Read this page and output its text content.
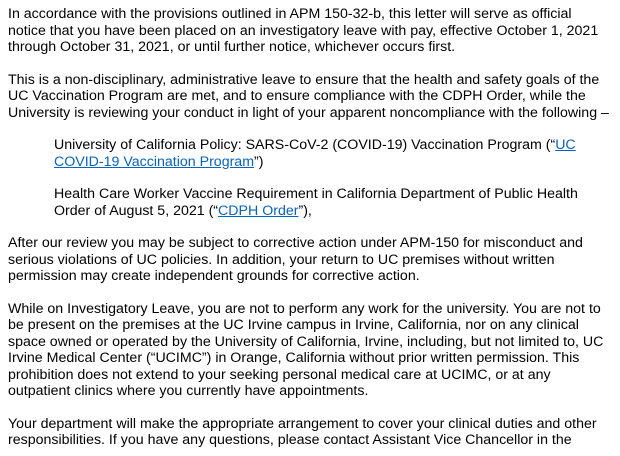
In accordance with the provisions outlined in APM 150-32-b, this letter will serve as official
notice that you have been placed on an investigatory leave with pay, effective October 1, 2021
through October 31, 2021, or until further notice, whichever occurs first.

This is a non-disciplinary, administrative leave to ensure that the health and safety goals of the
UC Vaccination Program are met, and to ensure compliance with the CDPH Order, while the
University is reviewing your conduct in light of your apparent noncompliance with the following –

University of California Policy: SARS-CoV-2 (COVID-19) Vaccination Program (“UC
COVID-19 Vaccination Program”)

Health Care Worker Vaccine Requirement in California Department of Public Health
Order of August 5, 2021 (“CDPH Order”),

After our review you may be subject to corrective action under APM-150 for misconduct and
serious violations of UC policies. In addition, your return to UC premises without written
permission may create independent grounds for corrective action.

While on Investigatory Leave, you are not to perform any work for the university. You are not to
be present on the premises at the UC Irvine campus in Irvine, California, nor on any clinical
space owned or operated by the University of California, Irvine, including, but not limited to, UC
Irvine Medical Center (“UCIMC”) in Orange, California without prior written permission. This
prohibition does not extend to your seeking personal medical care at UCIMC, or at any
outpatient clinics where you currently have appointments.

Your department will make the appropriate arrangement to cover your clinical duties and other
responsibilities. If you have any questions, please contact Assistant Vice Chancellor in the
